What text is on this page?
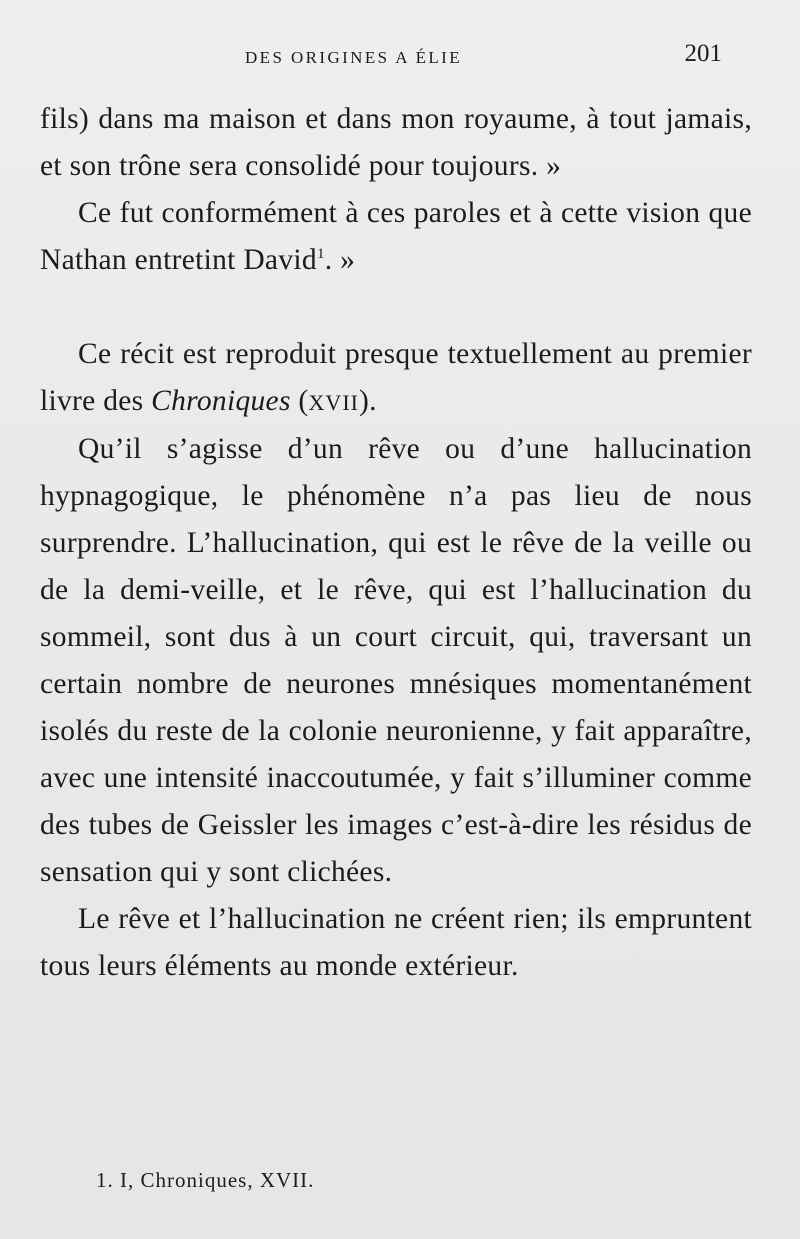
DES ORIGINES A ÉLIE	201

fils) dans ma maison et dans mon royaume, à tout jamais, et son trône sera consolidé pour toujours. »

Ce fut conformément à ces paroles et à cette vision que Nathan entretint David$^1$. »

Ce récit est reproduit presque textuellement au premier livre des Chroniques (XVII).

Qu’il s’agisse d’un rêve ou d’une hallucination hypnagogique, le phénomène n’a pas lieu de nous surprendre. L’hallucination, qui est le rêve de la veille ou de la demi-veille, et le rêve, qui est l’hallucination du sommeil, sont dus à un court circuit, qui, traversant un certain nombre de neurones mnésiques momentanément isolés du reste de la colonie neuronienne, y fait apparaître, avec une intensité inaccoutumée, y fait s’illuminer comme des tubes de Geissler les images c’est-à-dire les résidus de sensation qui y sont clichées.

Le rêve et l’hallucination ne créent rien; ils empruntent tous leurs éléments au monde extérieur.

1. I, Chroniques, XVII.
